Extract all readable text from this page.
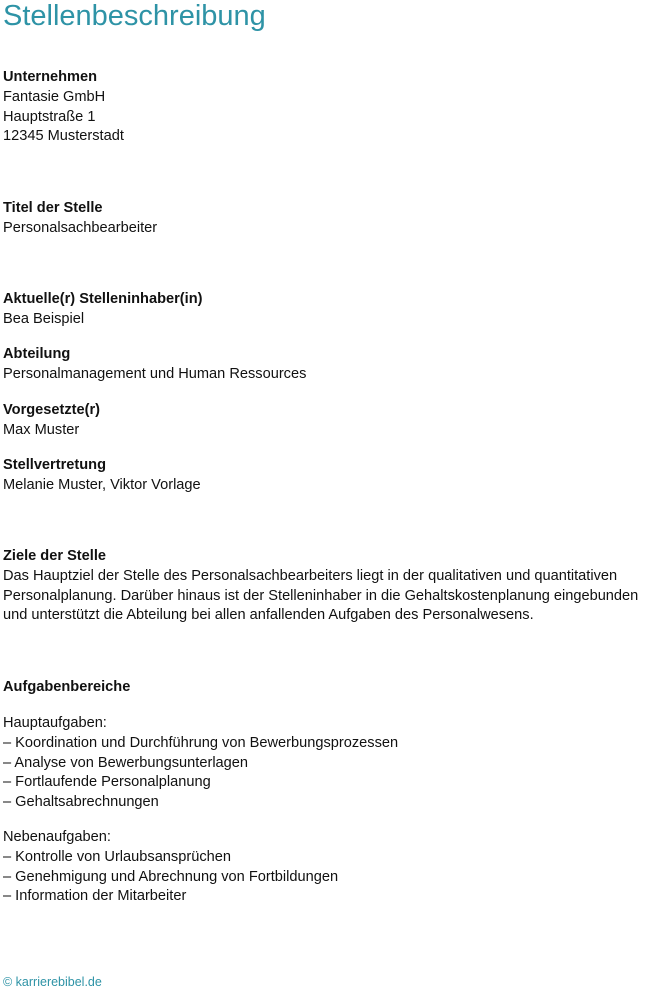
Stellenbeschreibung
Unternehmen
Fantasie GmbH
Hauptstraße 1
12345 Musterstadt
Titel der Stelle
Personalsachbearbeiter
Aktuelle(r) Stelleninhaber(in)
Bea Beispiel
Abteilung
Personalmanagement und Human Ressources
Vorgesetzte(r)
Max Muster
Stellvertretung
Melanie Muster, Viktor Vorlage
Ziele der Stelle
Das Hauptziel der Stelle des Personalsachbearbeiters liegt in der qualitativen und quantitativen Personalplanung. Darüber hinaus ist der Stelleninhaber in die Gehaltskostenplanung eingebunden und unterstützt die Abteilung bei allen anfallenden Aufgaben des Personalwesens.
Aufgabenbereiche
Hauptaufgaben:
– Koordination und Durchführung von Bewerbungsprozessen
– Analyse von Bewerbungsunterlagen
– Fortlaufende Personalplanung
– Gehaltsabrechnungen
Nebenaufgaben:
– Kontrolle von Urlaubsansprüchen
– Genehmigung und Abrechnung von Fortbildungen
– Information der Mitarbeiter
© karrierebibel.de
